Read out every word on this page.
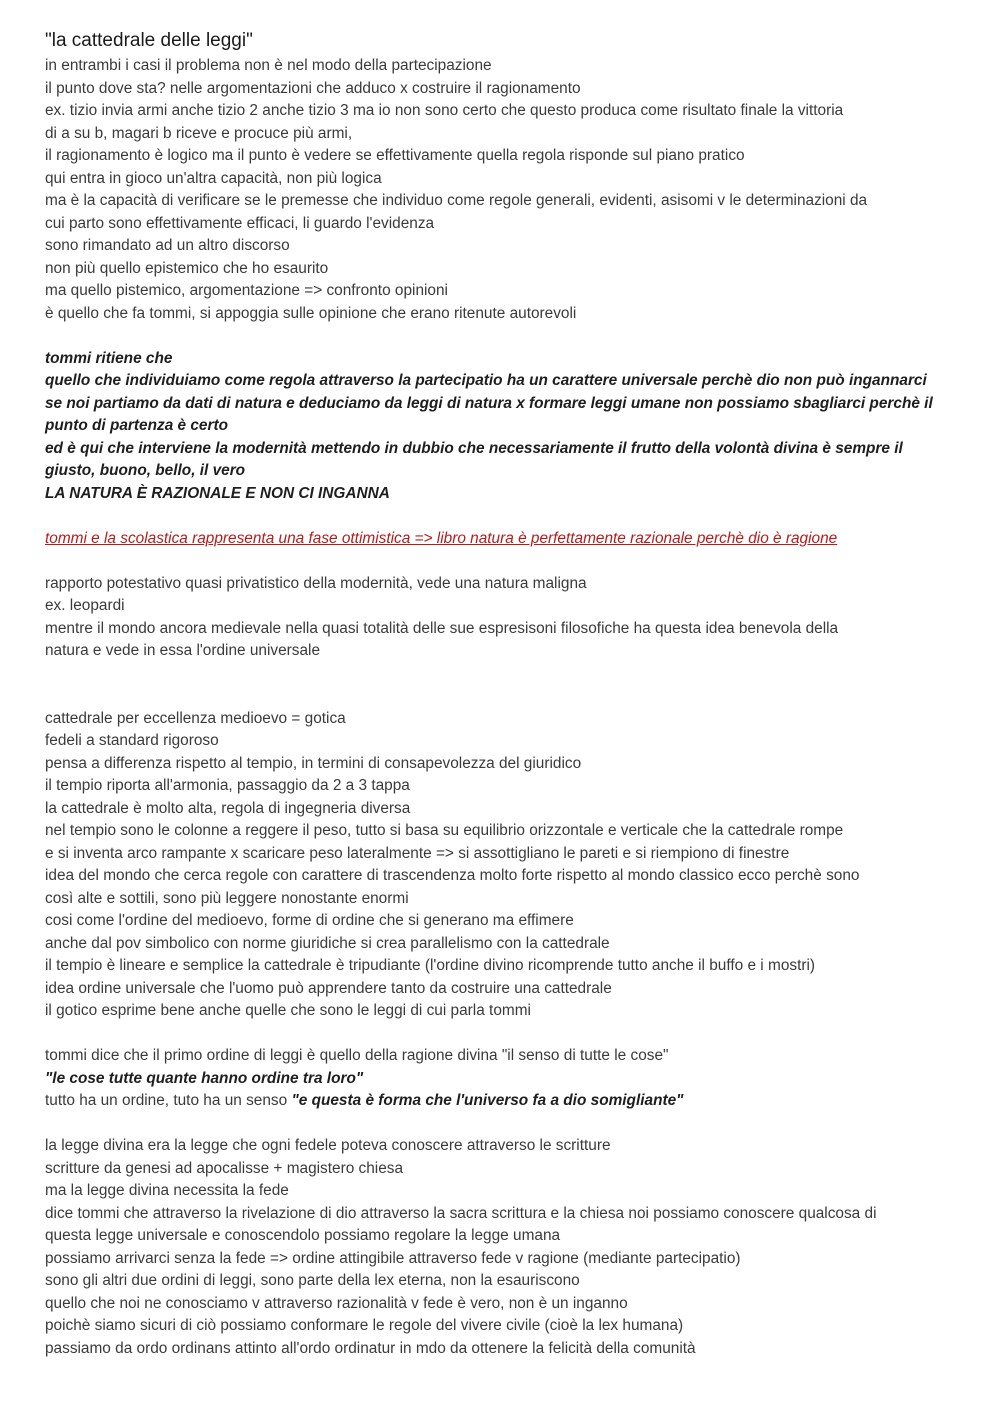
"la cattedrale delle leggi"

in entrambi i casi il problema non è nel modo della partecipazione

il punto dove sta? nelle argomentazioni che adduco x costruire il ragionamento

ex. tizio invia armi anche tizio 2 anche tizio 3 ma io non sono certo che questo produca come risultato finale la vittoria

di a su b, magari b riceve e procuce più armi,

il ragionamento è logico ma il punto è vedere se effettivamente quella regola risponde sul piano pratico

qui entra in gioco un'altra capacità, non più logica

ma è la capacità di verificare se le premesse che individuo come regole generali, evidenti, asisomi v le determinazioni da

cui parto sono effettivamente efficaci, li guardo l'evidenza

sono rimandato ad un altro discorso

non più quello epistemico che ho esaurito

ma quello pistemico, argomentazione => confronto opinioni

è quello che fa tommi, si appoggia sulle opinione che erano ritenute autorevoli

tommi ritiene che

quello che individuiamo come regola attraverso la partecipatio ha un carattere universale perchè dio non può ingannarci

se noi partiamo da dati di natura e deduciamo da leggi di natura x formare leggi umane non possiamo sbagliarci perchè il

punto di partenza è certo

ed è qui che interviene la modernità mettendo in dubbio che necessariamente il frutto della volontà divina è sempre il

giusto, buono, bello, il vero

LA NATURA È RAZIONALE E NON CI INGANNA

tommi e la scolastica rappresenta una fase ottimistica => libro natura è perfettamente razionale perchè dio è ragione

rapporto potestativo quasi privatistico della modernità, vede una natura maligna

ex. leopardi

mentre il mondo ancora medievale nella quasi totalità delle sue espresisoni filosofiche ha questa idea benevola della

natura e vede in essa l'ordine universale

cattedrale per eccellenza medioevo = gotica

fedeli a standard rigoroso

pensa a differenza rispetto al tempio, in termini di consapevolezza del giuridico

il tempio riporta all'armonia, passaggio da 2 a 3 tappa

la cattedrale è molto alta, regola di ingegneria diversa

nel tempio sono le colonne a reggere il peso, tutto si basa su equilibrio orizzontale e verticale che la cattedrale rompe

e si inventa arco rampante x scaricare peso lateralmente => si assottigliano le pareti e si riempiono di finestre

idea del mondo che cerca regole con carattere di trascendenza molto forte rispetto al mondo classico ecco perchè sono

così alte e sottili, sono più leggere nonostante enormi

cosi come l'ordine del medioevo, forme di ordine che si generano ma effimere

anche dal pov simbolico con norme giuridiche si crea parallelismo con la cattedrale

il tempio è lineare e semplice la cattedrale è tripudiante (l'ordine divino ricomprende tutto anche il buffo e i mostri)

idea ordine universale che l'uomo può apprendere tanto da costruire una cattedrale

il gotico esprime bene anche quelle che sono le leggi di cui parla tommi

tommi dice che il primo ordine di leggi è quello della ragione divina "il senso di tutte le cose"

"le cose tutte quante hanno ordine tra loro"

tutto ha un ordine, tuto ha un senso "e questa è forma che l'universo fa a dio somigliante"

la legge divina era la legge che ogni fedele poteva conoscere attraverso le scritture

scritture da genesi ad apocalisse + magistero chiesa

ma la legge divina necessita la fede

dice tommi che attraverso la rivelazione di dio attraverso la sacra scrittura e la chiesa noi possiamo conoscere qualcosa di

questa legge universale e conoscendolo possiamo regolare la legge umana

possiamo arrivarci senza la fede => ordine attingibile attraverso fede v ragione (mediante partecipatio)

sono gli altri due ordini di leggi, sono parte della lex eterna, non la esauriscono

quello che noi ne conosciamo v attraverso razionalità v fede è vero, non è un inganno

poichè siamo sicuri di ciò possiamo conformare le regole del vivere civile (cioè la lex humana)

passiamo da ordo ordinans attinto all'ordo ordinatur in mdo da ottenere la felicità della comunità
